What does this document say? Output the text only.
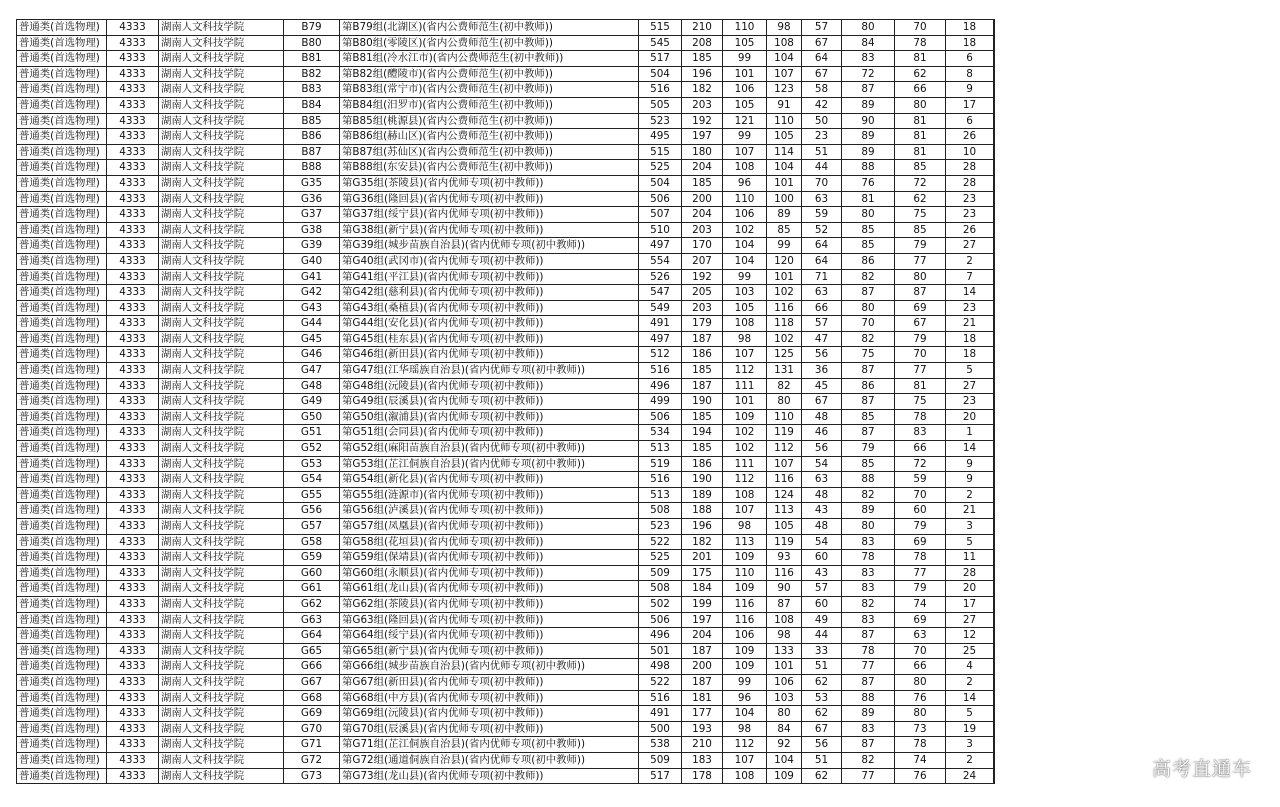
普通类(首选物理)	4333	湖南人文科技学院	B79	第B79组(北湖区)(省内公费师范生(初中教师))	515	210	110	98	57	80	70	18	
普通类(首选物理)	4333	湖南人文科技学院	B80	第B80组(零陵区)(省内公费师范生(初中教师))	545	208	105	108	67	84	78	18	
普通类(首选物理)	4333	湖南人文科技学院	B81	第B81组(冷水江市)(省内公费师范生(初中教师))	517	185	99	104	64	83	81	6	
普通类(首选物理)	4333	湖南人文科技学院	B82	第B82组(醴陵市)(省内公费师范生(初中教师))	504	196	101	107	67	72	62	8	
普通类(首选物理)	4333	湖南人文科技学院	B83	第B83组(常宁市)(省内公费师范生(初中教师))	516	182	106	123	58	87	66	9	
普通类(首选物理)	4333	湖南人文科技学院	B84	第B84组(汨罗市)(省内公费师范生(初中教师))	505	203	105	91	42	89	80	17	
普通类(首选物理)	4333	湖南人文科技学院	B85	第B85组(桃源县)(省内公费师范生(初中教师))	523	192	121	110	50	90	81	6	
普通类(首选物理)	4333	湖南人文科技学院	B86	第B86组(赫山区)(省内公费师范生(初中教师))	495	197	99	105	23	89	81	26	
普通类(首选物理)	4333	湖南人文科技学院	B87	第B87组(苏仙区)(省内公费师范生(初中教师))	515	180	107	114	51	89	81	10	
普通类(首选物理)	4333	湖南人文科技学院	B88	第B88组(东安县)(省内公费师范生(初中教师))	525	204	108	104	44	88	85	28	
普通类(首选物理)	4333	湖南人文科技学院	G35	第G35组(茶陵县)(省内优师专项(初中教师))	504	185	96	101	70	76	72	28	
普通类(首选物理)	4333	湖南人文科技学院	G36	第G36组(隆回县)(省内优师专项(初中教师))	506	200	110	100	63	81	62	23	
普通类(首选物理)	4333	湖南人文科技学院	G37	第G37组(绥宁县)(省内优师专项(初中教师))	507	204	106	89	59	80	75	23	
普通类(首选物理)	4333	湖南人文科技学院	G38	第G38组(新宁县)(省内优师专项(初中教师))	510	203	102	85	52	85	85	26	
普通类(首选物理)	4333	湖南人文科技学院	G39	第G39组(城步苗族自治县)(省内优师专项(初中教师))	497	170	104	99	64	85	79	27	
普通类(首选物理)	4333	湖南人文科技学院	G40	第G40组(武冈市)(省内优师专项(初中教师))	554	207	104	120	64	86	77	2	
普通类(首选物理)	4333	湖南人文科技学院	G41	第G41组(平江县)(省内优师专项(初中教师))	526	192	99	101	71	82	80	7	
普通类(首选物理)	4333	湖南人文科技学院	G42	第G42组(慈利县)(省内优师专项(初中教师))	547	205	103	102	63	87	87	14	
普通类(首选物理)	4333	湖南人文科技学院	G43	第G43组(桑植县)(省内优师专项(初中教师))	549	203	105	116	66	80	69	23	
普通类(首选物理)	4333	湖南人文科技学院	G44	第G44组(安化县)(省内优师专项(初中教师))	491	179	108	118	57	70	67	21	
普通类(首选物理)	4333	湖南人文科技学院	G45	第G45组(桂东县)(省内优师专项(初中教师))	497	187	98	102	47	82	79	18	
普通类(首选物理)	4333	湖南人文科技学院	G46	第G46组(新田县)(省内优师专项(初中教师))	512	186	107	125	56	75	70	18	
普通类(首选物理)	4333	湖南人文科技学院	G47	第G47组(江华瑶族自治县)(省内优师专项(初中教师))	516	185	112	131	36	87	77	5	
普通类(首选物理)	4333	湖南人文科技学院	G48	第G48组(沅陵县)(省内优师专项(初中教师))	496	187	111	82	45	86	81	27	
普通类(首选物理)	4333	湖南人文科技学院	G49	第G49组(辰溪县)(省内优师专项(初中教师))	499	190	101	80	67	87	75	23	
普通类(首选物理)	4333	湖南人文科技学院	G50	第G50组(溆浦县)(省内优师专项(初中教师))	506	185	109	110	48	85	78	20	
普通类(首选物理)	4333	湖南人文科技学院	G51	第G51组(会同县)(省内优师专项(初中教师))	534	194	102	119	46	87	83	1	
普通类(首选物理)	4333	湖南人文科技学院	G52	第G52组(麻阳苗族自治县)(省内优师专项(初中教师))	513	185	102	112	56	79	66	14	
普通类(首选物理)	4333	湖南人文科技学院	G53	第G53组(芷江侗族自治县)(省内优师专项(初中教师))	519	186	111	107	54	85	72	9	
普通类(首选物理)	4333	湖南人文科技学院	G54	第G54组(新化县)(省内优师专项(初中教师))	516	190	112	116	63	88	59	9	
普通类(首选物理)	4333	湖南人文科技学院	G55	第G55组(涟源市)(省内优师专项(初中教师))	513	189	108	124	48	82	70	2	
普通类(首选物理)	4333	湖南人文科技学院	G56	第G56组(泸溪县)(省内优师专项(初中教师))	508	188	107	113	43	89	60	21	
普通类(首选物理)	4333	湖南人文科技学院	G57	第G57组(凤凰县)(省内优师专项(初中教师))	523	196	98	105	48	80	79	3	
普通类(首选物理)	4333	湖南人文科技学院	G58	第G58组(花垣县)(省内优师专项(初中教师))	522	182	113	119	54	83	69	5	
普通类(首选物理)	4333	湖南人文科技学院	G59	第G59组(保靖县)(省内优师专项(初中教师))	525	201	109	93	60	78	78	11	
普通类(首选物理)	4333	湖南人文科技学院	G60	第G60组(永顺县)(省内优师专项(初中教师))	509	175	110	116	43	83	77	28	
普通类(首选物理)	4333	湖南人文科技学院	G61	第G61组(龙山县)(省内优师专项(初中教师))	508	184	109	90	57	83	79	20	
普通类(首选物理)	4333	湖南人文科技学院	G62	第G62组(茶陵县)(省内优师专项(初中教师))	502	199	116	87	60	82	74	17	
普通类(首选物理)	4333	湖南人文科技学院	G63	第G63组(隆回县)(省内优师专项(初中教师))	506	197	116	108	49	83	69	27	
普通类(首选物理)	4333	湖南人文科技学院	G64	第G64组(绥宁县)(省内优师专项(初中教师))	496	204	106	98	44	87	63	12	
普通类(首选物理)	4333	湖南人文科技学院	G65	第G65组(新宁县)(省内优师专项(初中教师))	501	187	109	133	33	78	70	25	
普通类(首选物理)	4333	湖南人文科技学院	G66	第G66组(城步苗族自治县)(省内优师专项(初中教师))	498	200	109	101	51	77	66	4	
普通类(首选物理)	4333	湖南人文科技学院	G67	第G67组(新田县)(省内优师专项(初中教师))	522	187	99	106	62	87	80	2	
普通类(首选物理)	4333	湖南人文科技学院	G68	第G68组(中方县)(省内优师专项(初中教师))	516	181	96	103	53	88	76	14	
普通类(首选物理)	4333	湖南人文科技学院	G69	第G69组(沅陵县)(省内优师专项(初中教师))	491	177	104	80	62	89	80	5	
普通类(首选物理)	4333	湖南人文科技学院	G70	第G70组(辰溪县)(省内优师专项(初中教师))	500	193	98	84	67	83	73	19	
普通类(首选物理)	4333	湖南人文科技学院	G71	第G71组(芷江侗族自治县)(省内优师专项(初中教师))	538	210	112	92	56	87	78	3	
普通类(首选物理)	4333	湖南人文科技学院	G72	第G72组(通道侗族自治县)(省内优师专项(初中教师))	509	183	107	104	51	82	74	2	
普通类(首选物理)	4333	湖南人文科技学院	G73	第G73组(龙山县)(省内优师专项(初中教师))	517	178	108	109	62	77	76	24		高考直通车
